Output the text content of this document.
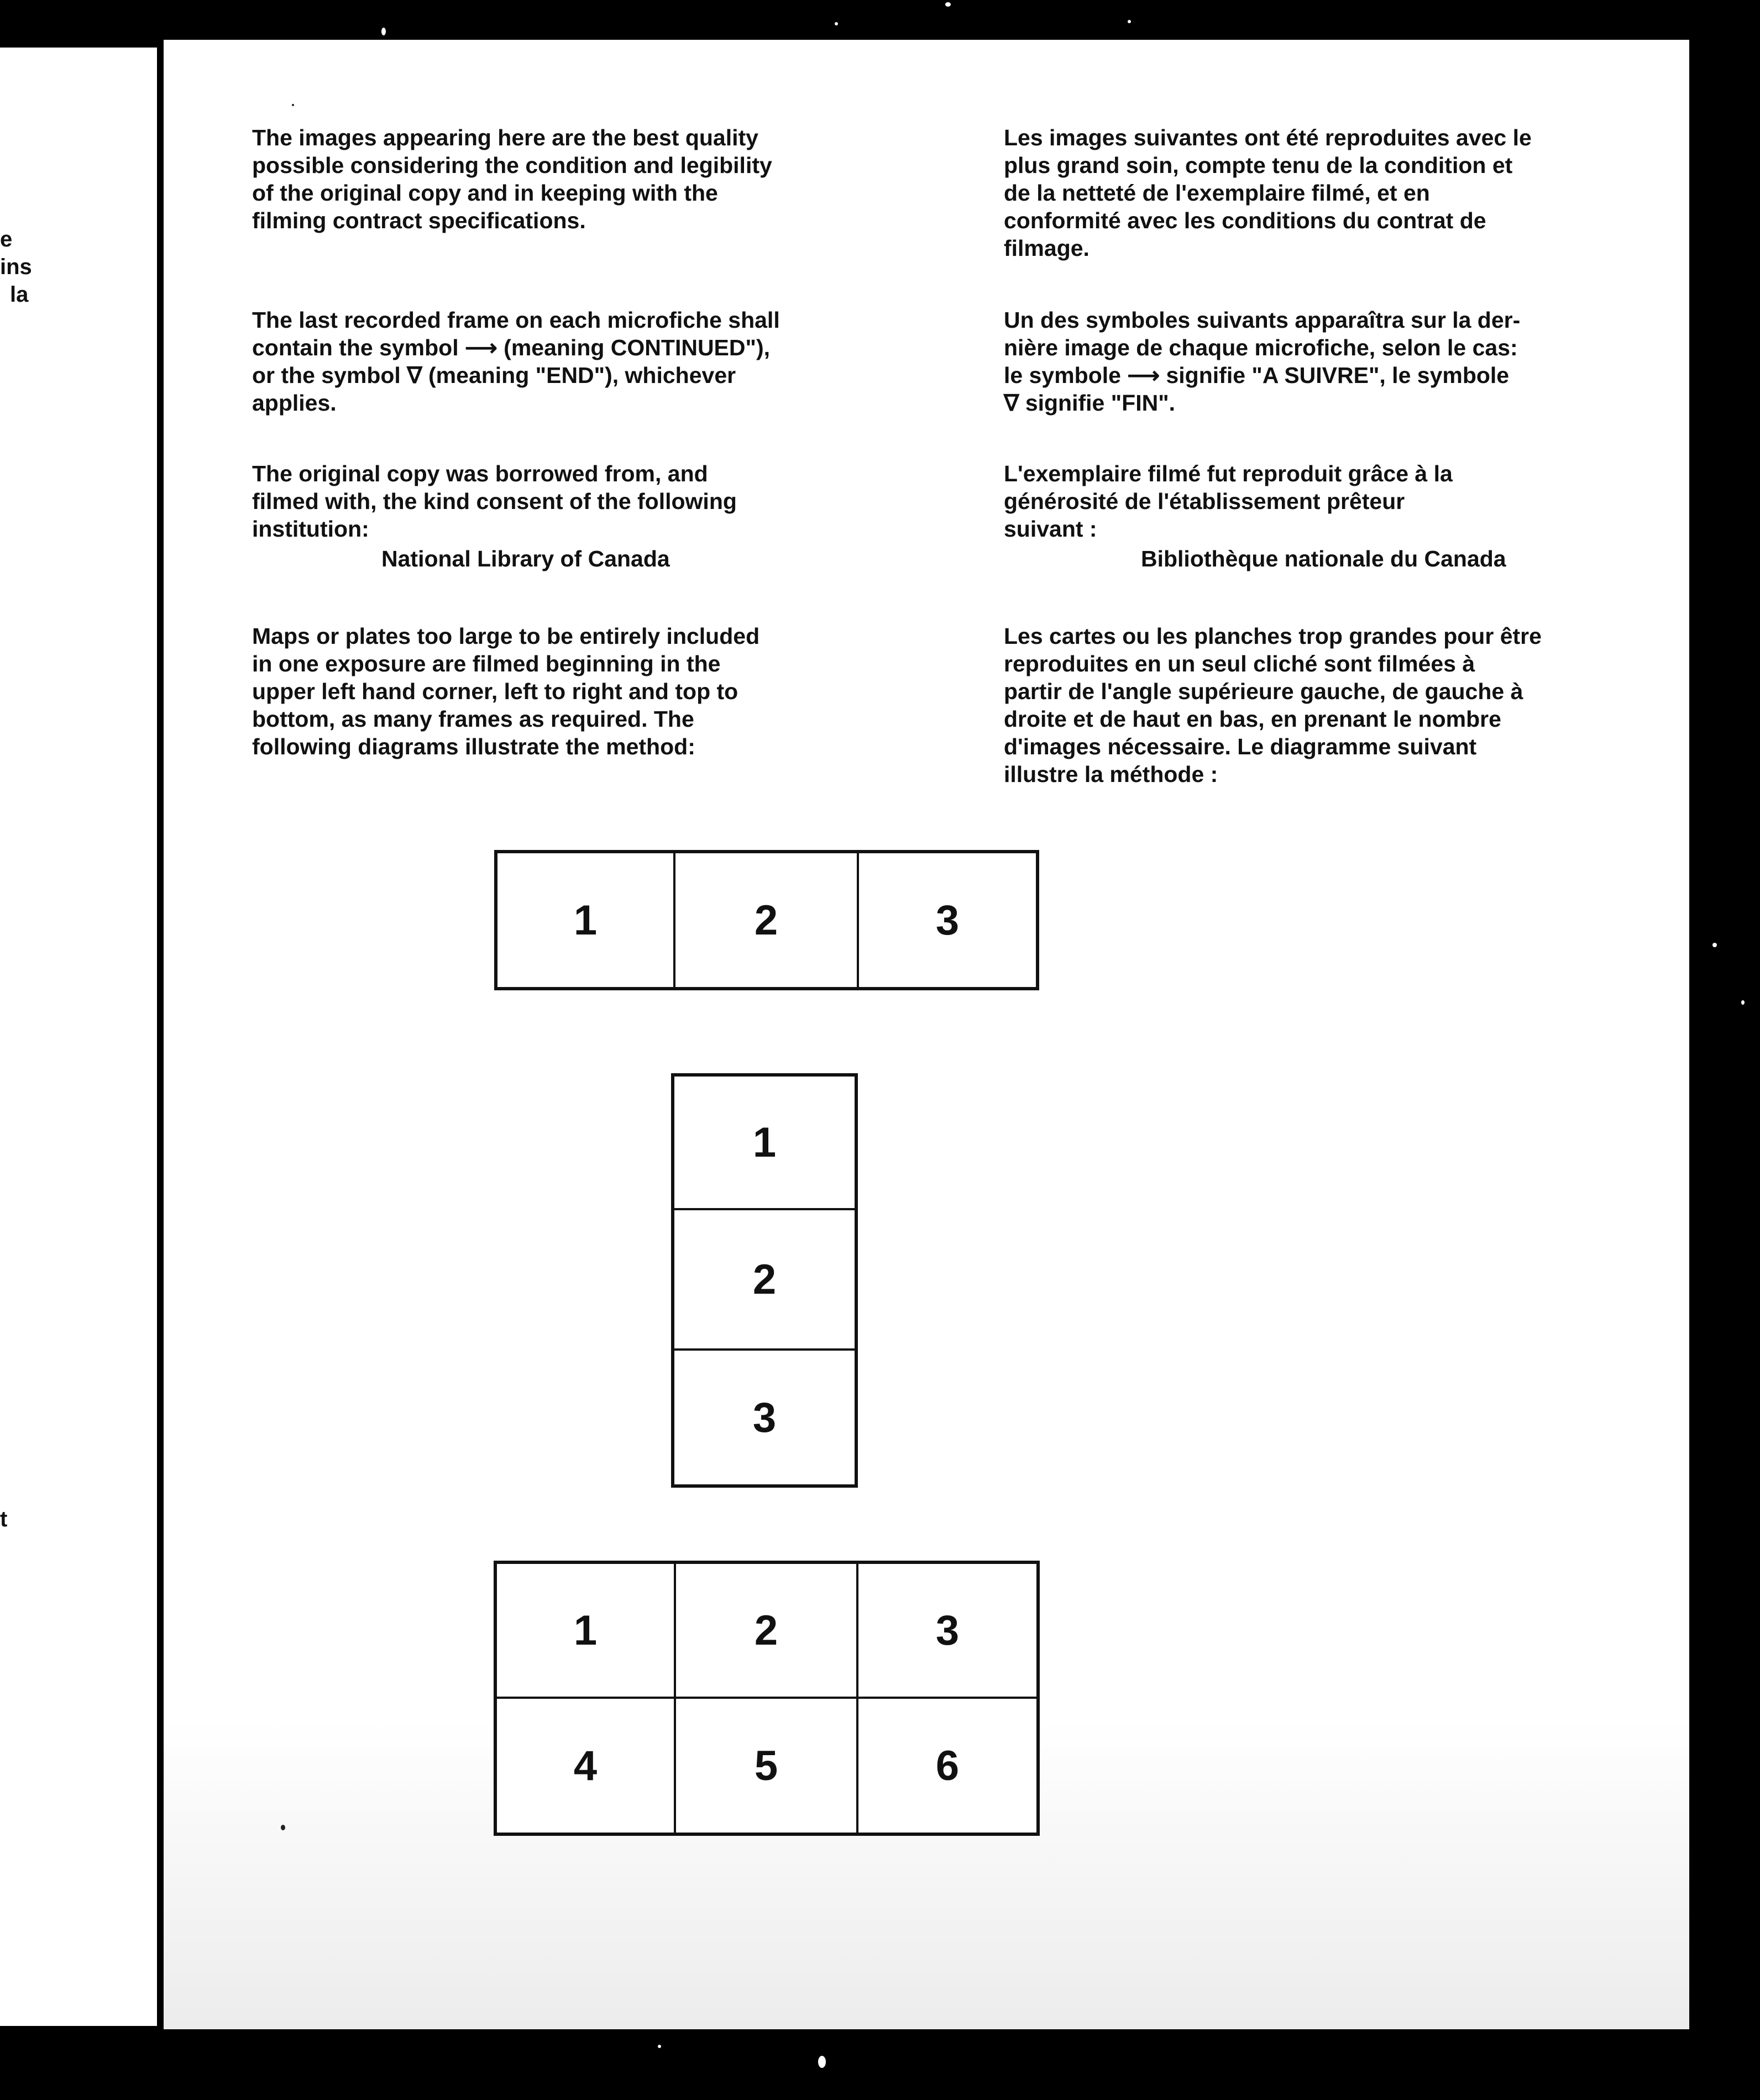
e
ins
la
t
The images appearing here are the best quality
possible considering the condition and legibility
of the original copy and in keeping with the
filming contract specifications.
The last recorded frame on each microfiche shall
contain the symbol ⟶ (meaning CONTINUED"),
or the symbol ∇ (meaning "END"), whichever
applies.
The original copy was borrowed from, and
filmed with, the kind consent of the following
institution:
National Library of Canada
Maps or plates too large to be entirely included
in one exposure are filmed beginning in the
upper left hand corner, left to right and top to
bottom, as many frames as required. The
following diagrams illustrate the method:
Les images suivantes ont été reproduites avec le
plus grand soin, compte tenu de la condition et
de la netteté de l'exemplaire filmé, et en
conformité avec les conditions du contrat de
filmage.
Un des symboles suivants apparaîtra sur la der-
nière image de chaque microfiche, selon le cas:
le symbole ⟶ signifie "A SUIVRE", le symbole
∇ signifie "FIN".
L'exemplaire filmé fut reproduit grâce à la
générosité de l'établissement prêteur
suivant :
Bibliothèque nationale du Canada
Les cartes ou les planches trop grandes pour être
reproduites en un seul cliché sont filmées à
partir de l'angle supérieure gauche, de gauche à
droite et de haut en bas, en prenant le nombre
d'images nécessaire. Le diagramme suivant
illustre la méthode :
1	2	3
1
2
3
1	2	3
4	5	6
